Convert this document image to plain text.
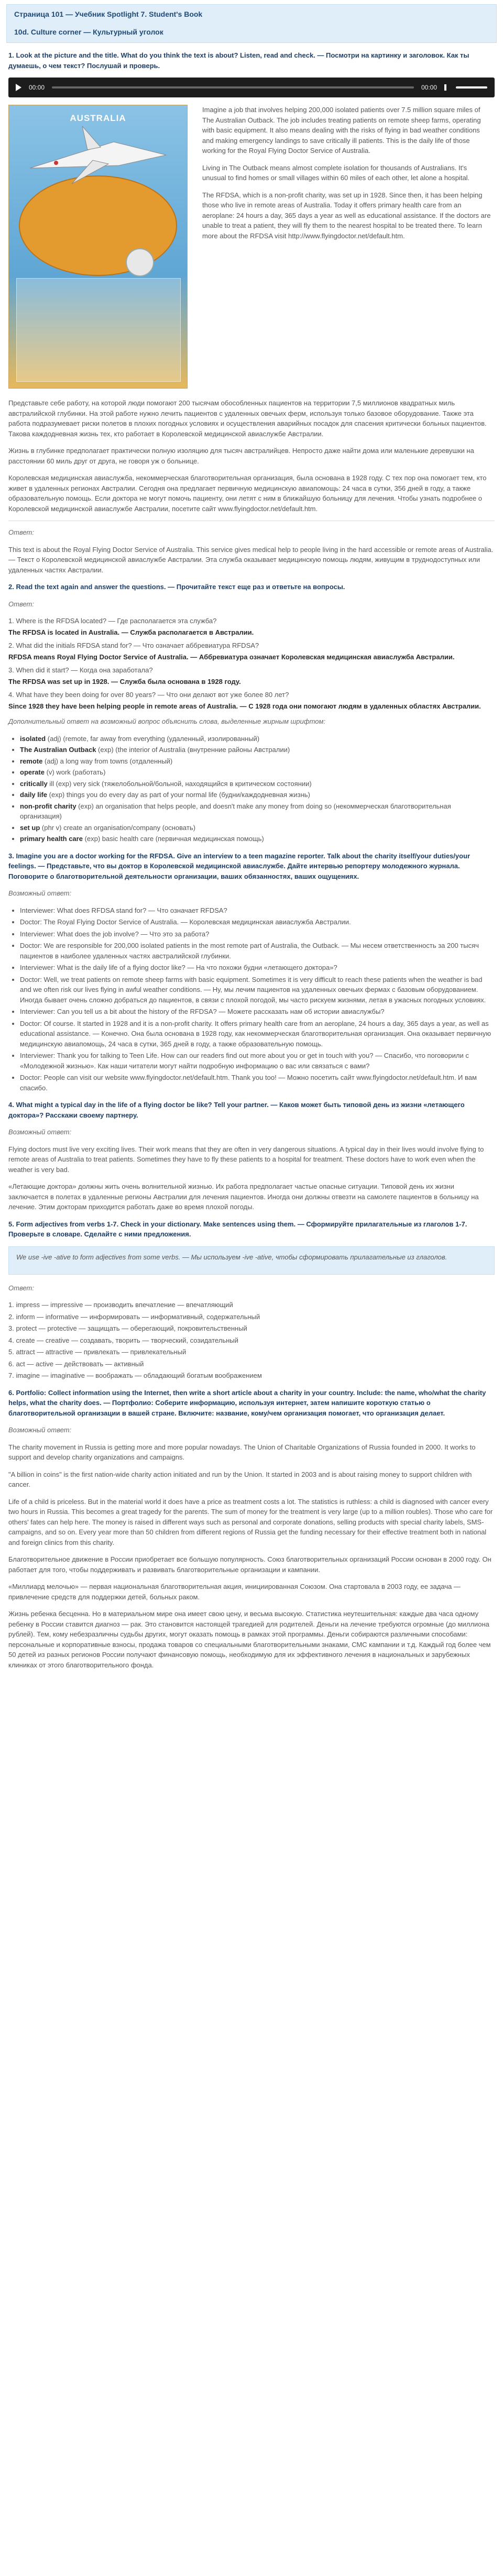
Страница 101 — Учебник Spotlight 7. Student's Book
10d. Culture corner — Культурный уголок

1. Look at the picture and the title. What do you think the text is about? Listen, read and check. — Посмотри на картинку и заголовок. Как ты думаешь, о чем текст? Послушай и проверь.

00:00	00:00
AUSTRALIA

Imagine a job that involves helping 200,000 isolated patients over 7.5 million square miles of The Australian Outback. The job includes treating patients on remote sheep farms, operating with basic equipment. It also means dealing with the risks of flying in bad weather conditions and making emergency landings to save critically ill patients. This is the daily life of those working for the Royal Flying Doctor Service of Australia.

Living in The Outback means almost complete isolation for thousands of Australians. It's unusual to find homes or small villages within 60 miles of each other, let alone a hospital.

The RFDSA, which is a non-profit charity, was set up in 1928. Since then, it has been helping those who live in remote areas of Australia. Today it offers primary health care from an aeroplane: 24 hours a day, 365 days a year as well as educational assistance. If the doctors are unable to treat a patient, they will fly them to the nearest hospital to be treated there. To learn more about the RFDSA visit http://www.flyingdoctor.net/default.htm.

Представьте себе работу, на которой люди помогают 200 тысячам обособленных пациентов на территории 7,5 миллионов квадратных миль австралийской глубинки. На этой работе нужно лечить пациентов с удаленных овечьих ферм, используя только базовое оборудование. Также эта работа подразумевает риски полетов в плохих погодных условиях и осуществления аварийных посадок для спасения критически больных пациентов. Такова каждодневная жизнь тех, кто работает в Королевской медицинской авиаслужбе Австралии.

Жизнь в глубинке предполагает практически полную изоляцию для тысяч австралийцев. Непросто даже найти дома или маленькие деревушки на расстоянии 60 миль друг от друга, не говоря уж о больнице.

Королевская медицинская авиаслужба, некоммерческая благотворительная организация, была основана в 1928 году. С тех пор она помогает тем, кто живет в удаленных регионах Австралии. Сегодня она предлагает первичную медицинскую авиапомощь: 24 часа в сутки, 356 дней в году, а также образовательную помощь. Если доктора не могут помочь пациенту, они летят с ним в ближайшую больницу для лечения. Чтобы узнать подробнее о Королевской медицинской авиаслужбе Австралии, посетите сайт www.flyingdoctor.net/default.htm.

Ответ:

This text is about the Royal Flying Doctor Service of Australia. This service gives medical help to people living in the hard accessible or remote areas of Australia. — Текст о Королевской медицинской авиаслужбе Австралии. Эта служба оказывает медицинскую помощь людям, живущим в труднодоступных или удаленных частях Австралии.

2. Read the text again and answer the questions. — Прочитайте текст еще раз и ответьте на вопросы.

Ответ:

1. Where is the RFDSA located? — Где располагается эта служба?

The RFDSA is located in Australia. — Служба располагается в Австралии.

2. What did the initials RFDSA stand for? — Что означает аббревиатура RFDSA?

RFDSA means Royal Flying Doctor Service of Australia. — Аббревиатура означает Королевская медицинская авиаслужба Австралии.

3. When did it start? — Когда она заработала?

The RFDSA was set up in 1928. — Служба была основана в 1928 году.

4. What have they been doing for over 80 years? — Что они делают вот уже более 80 лет?

Since 1928 they have been helping people in remote areas of Australia. — С 1928 года они помогают людям в удаленных областях Австралии.

Дополнительный ответ на возможный вопрос объяснить слова, выделенные жирным шрифтом:

• isolated (adj) (remote, far away from everything (удаленный, изолированный)
• The Australian Outback (exp) (the interior of Australia (внутренние районы Австралии)
• remote (adj) a long way from towns (отдаленный)
• operate (v) work (работать)
• critically ill (exp) very sick (тяжелобольной/больной, находящийся в критическом состоянии)
• daily life (exp) things you do every day as part of your normal life (будни/каждодневная жизнь)
• non-profit charity (exp) an organisation that helps people, and doesn't make any money from doing so (некоммерческая благотворительная организация)
• set up (phr v) create an organisation/company (основать)
• primary health care (exp) basic health care (первичная медицинская помощь)

3. Imagine you are a doctor working for the RFDSA. Give an interview to a teen magazine reporter. Talk about the charity itself/your duties/your feelings. — Представьте, что вы доктор в Королевской медицинской авиаслужбе. Дайте интервью репортеру молодежного журнала. Поговорите о благотворительной деятельности организации, ваших обязанностях, ваших ощущениях.

Возможный ответ:

• Interviewer: What does RFDSA stand for? — Что означает RFDSA?
• Doctor: The Royal Flying Doctor Service of Australia. — Королевская медицинская авиаслужба Австралии.
• Interviewer: What does the job involve? — Что это за работа?
• Doctor: We are responsible for 200,000 isolated patients in the most remote part of Australia, the Outback. — Мы несем ответственность за 200 тысяч пациентов в наиболее удаленных частях австралийской глубинки.
• Interviewer: What is the daily life of a flying doctor like? — На что похожи будни «летающего доктора»?
• Doctor: Well, we treat patients on remote sheep farms with basic equipment. Sometimes it is very difficult to reach these patients when the weather is bad and we often risk our lives flying in awful weather conditions. — Ну, мы лечим пациентов на удаленных овечьих фермах с базовым оборудованием. Иногда бывает очень сложно добраться до пациентов, в связи с плохой погодой, мы часто рискуем жизнями, летая в ужасных погодных условиях.
• Interviewer: Can you tell us a bit about the history of the RFDSA? — Можете рассказать нам об истории авиаслужбы?
• Doctor: Of course. It started in 1928 and it is a non-profit charity. It offers primary health care from an aeroplane, 24 hours a day, 365 days a year, as well as educational assistance. — Конечно. Она была основана в 1928 году, как некоммерческая благотворительная организация. Она оказывает первичную медицинскую авиапомощь, 24 часа в сутки, 365 дней в году, а также образовательную помощь.
• Interviewer: Thank you for talking to Teen Life. How can our readers find out more about you or get in touch with you? — Спасибо, что поговорили с «Молодежной жизнью». Как наши читатели могут найти подробную информацию о вас или связаться с вами?
• Doctor: People can visit our website www.flyingdoctor.net/default.htm. Thank you too! — Можно посетить сайт www.flyingdoctor.net/default.htm. И вам спасибо.

4. What might a typical day in the life of a flying doctor be like? Tell your partner. — Каков может быть типовой день из жизни «летающего доктора»? Расскажи своему партнеру.

Возможный ответ:

Flying doctors must live very exciting lives. Their work means that they are often in very dangerous situations. A typical day in their lives would involve flying to remote areas of Australia to treat patients. Sometimes they have to fly these patients to a hospital for treatment. These doctors have to work even when the weather is very bad.

«Летающие доктора» должны жить очень волнительной жизнью. Их работа предполагает частые опасные ситуации. Типовой день их жизни заключается в полетах в удаленные регионы Австралии для лечения пациентов. Иногда они должны отвезти на самолете пациентов в больницу на лечение. Этим докторам приходится работать даже во время плохой погоды.

5. Form adjectives from verbs 1-7. Check in your dictionary. Make sentences using them. — Сформируйте прилагательные из глаголов 1-7. Проверьте в словаре. Сделайте с ними предложения.

We use -ive -ative to form adjectives from some verbs. — Мы используем -ive -ative, чтобы сформировать прилагательные из глаголов.

Ответ:

1. impress — impressive — производить впечатление — впечатляющий
2. inform — informative — информировать — информативный, содержательный
3. protect — protective — защищать — оберегающий, покровительственный
4. create — creative — создавать, творить — творческий, созидательный
5. attract — attractive — привлекать — привлекательный
6. act — active — действовать — активный
7. imagine — imaginative — воображать — обладающий богатым воображением

6. Portfolio: Collect information using the Internet, then write a short article about a charity in your country. Include: the name, who/what the charity helps, what the charity does. — Портфолио: Соберите информацию, используя интернет, затем напишите короткую статью о благотворительной организации в вашей стране. Включите: название, кому/чем организация помогает, что организация делает.

Возможный ответ:

The charity movement in Russia is getting more and more popular nowadays. The Union of Charitable Organizations of Russia founded in 2000. It works to support and develop charity organizations and campaigns.

"A billion in coins" is the first nation-wide charity action initiated and run by the Union. It started in 2003 and is about raising money to support children with cancer.

Life of a child is priceless. But in the material world it does have a price as treatment costs a lot. The statistics is ruthless: a child is diagnosed with cancer every two hours in Russia. This becomes a great tragedy for the parents. The sum of money for the treatment is very large (up to a million roubles). Those who care for others' fates can help here. The money is raised in different ways such as personal and corporate donations, selling products with special charity labels, SMS-campaigns, and so on. Every year more than 50 children from different regions of Russia get the funding necessary for their effective treatment both in national and foreign clinics from this charity.

Благотворительное движение в России приобретает все большую популярность. Союз благотворительных организаций России основан в 2000 году. Он работает для того, чтобы поддерживать и развивать благотворительные организации и кампании.

«Миллиард мелочью» — первая национальная благотворительная акция, инициированная Союзом. Она стартовала в 2003 году, ее задача — привлечение средств для поддержки детей, больных раком.

Жизнь ребенка бесценна. Но в материальном мире она имеет свою цену, и весьма высокую. Статистика неутешительная: каждые два часа одному ребенку в России ставится диагноз — рак. Это становится настоящей трагедией для родителей. Деньги на лечение требуются огромные (до миллиона рублей). Тем, кому небезразличны судьбы других, могут оказать помощь в рамках этой программы. Деньги собираются различными способами: персональные и корпоративные взносы, продажа товаров со специальными благотворительными знаками, СМС кампании и т.д. Каждый год более чем 50 детей из разных регионов России получают финансовую помощь, необходимую для их эффективного лечения в национальных и зарубежных клиниках от этого благотворительного фонда.
